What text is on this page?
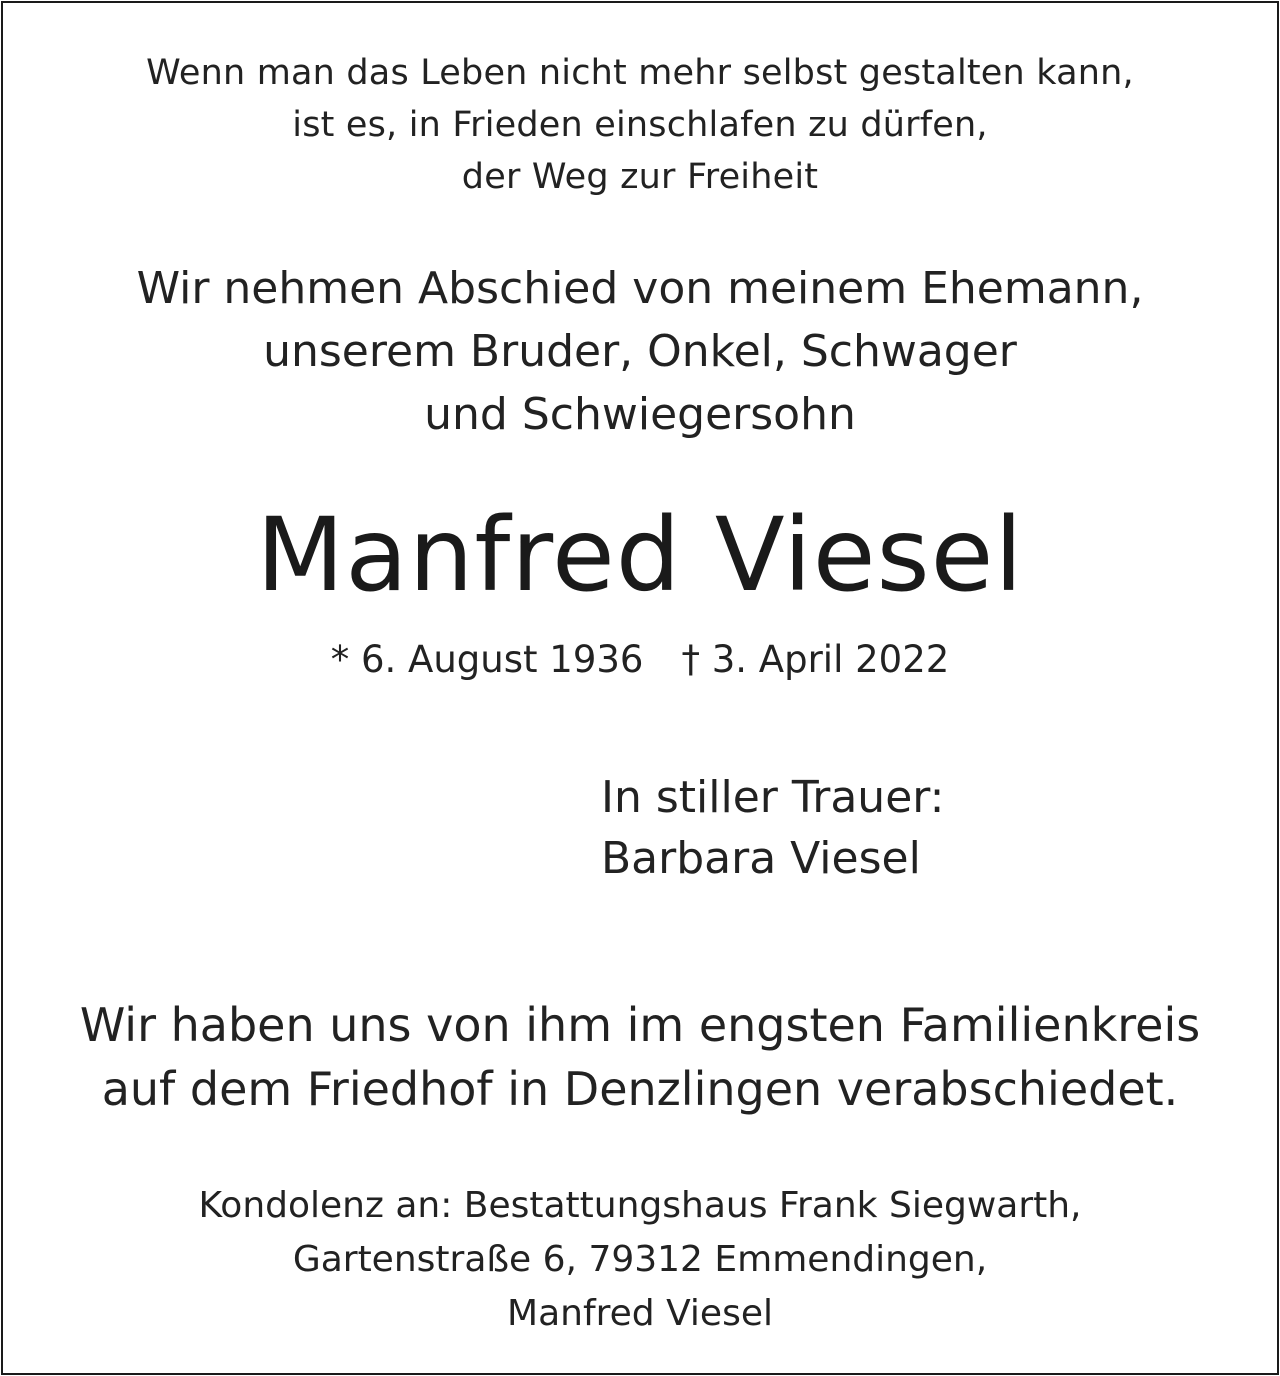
Wenn man das Leben nicht mehr selbst gestalten kann,
ist es, in Frieden einschlafen zu dürfen,
der Weg zur Freiheit

Wir nehmen Abschied von meinem Ehemann,
unserem Bruder, Onkel, Schwager
und Schwiegersohn

Manfred Viesel

* 6. August 1936 † 3. April 2022

In stiller Trauer:
Barbara Viesel

Wir haben uns von ihm im engsten Familienkreis
auf dem Friedhof in Denzlingen verabschiedet.

Kondolenz an: Bestattungshaus Frank Siegwarth,
Gartenstraße 6, 79312 Emmendingen,
Manfred Viesel
